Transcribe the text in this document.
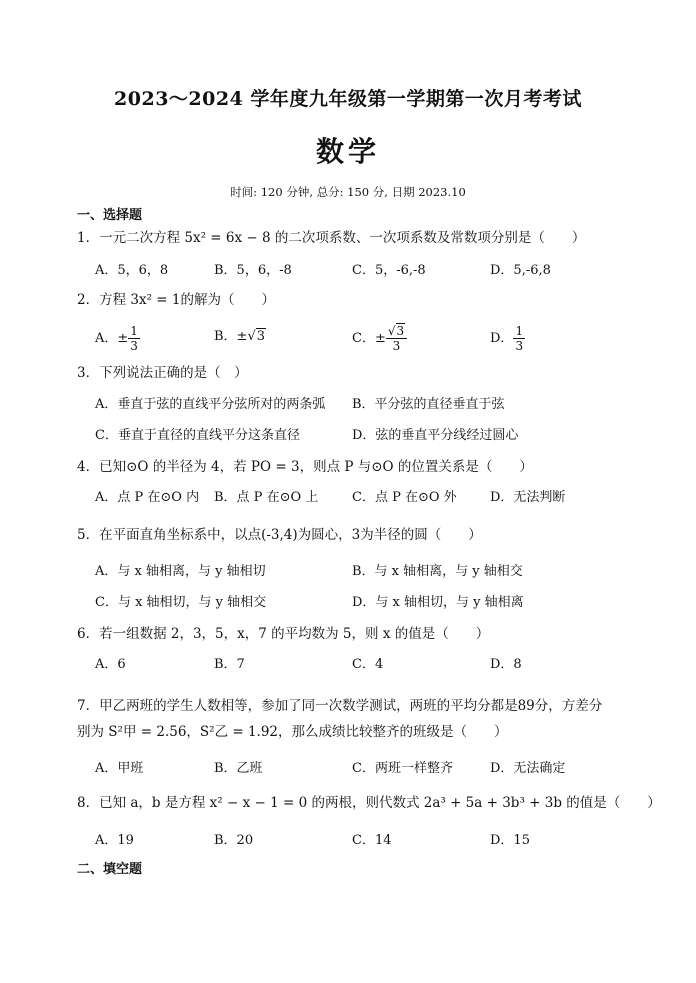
2023～2024 学年度九年级第一学期第一次月考考试
数学
时间: 120 分钟, 总分: 150 分, 日期 2023.10
一、选择题
1．一元二次方程 5x² = 6x − 8 的二次项系数、一次项系数及常数项分别是（　　）
A．5，6，8	B．5，6，-8	C．5，-6,-8	D．5,-6,8
2．方程 3x² = 1的解为（　　）
A．± $\frac{1}{3}$	B．±√3	C．± $\frac{√3}{3}$	D． $\frac{1}{3}$
3．下列说法正确的是（　）
A．垂直于弦的直线平分弦所对的两条弧 B．平分弦的直径垂直于弦
C．垂直于直径的直线平分这条直径	D．弦的垂直平分线经过圆心
4．已知⊙O 的半径为 4，若 PO = 3，则点 P 与⊙O 的位置关系是（　　）
A．点 P 在⊙O 内 B．点 P 在⊙O 上	C．点 P 在⊙O 外	D．无法判断
5．在平面直角坐标系中，以点(-3,4)为圆心，3为半径的圆（　　）
A．与 x 轴相离，与 y 轴相切	B．与 x 轴相离，与 y 轴相交
C．与 x 轴相切，与 y 轴相交	D．与 x 轴相切，与 y 轴相离
6．若一组数据 2，3，5，x，7 的平均数为 5，则 x 的值是（　　）
A．6	B．7	C．4	D．8
7．甲乙两班的学生人数相等，参加了同一次数学测试，两班的平均分都是89分，方差分
别为 S²甲 = 2.56，S²乙 = 1.92，那么成绩比较整齐的班级是（　　）
A．甲班	B．乙班	C．两班一样整齐	D．无法确定
8．已知 a，b 是方程 x² − x − 1 = 0 的两根，则代数式 2a³ + 5a + 3b³ + 3b 的值是（　　）
A．19	B．20	C．14	D．15
二、填空题
